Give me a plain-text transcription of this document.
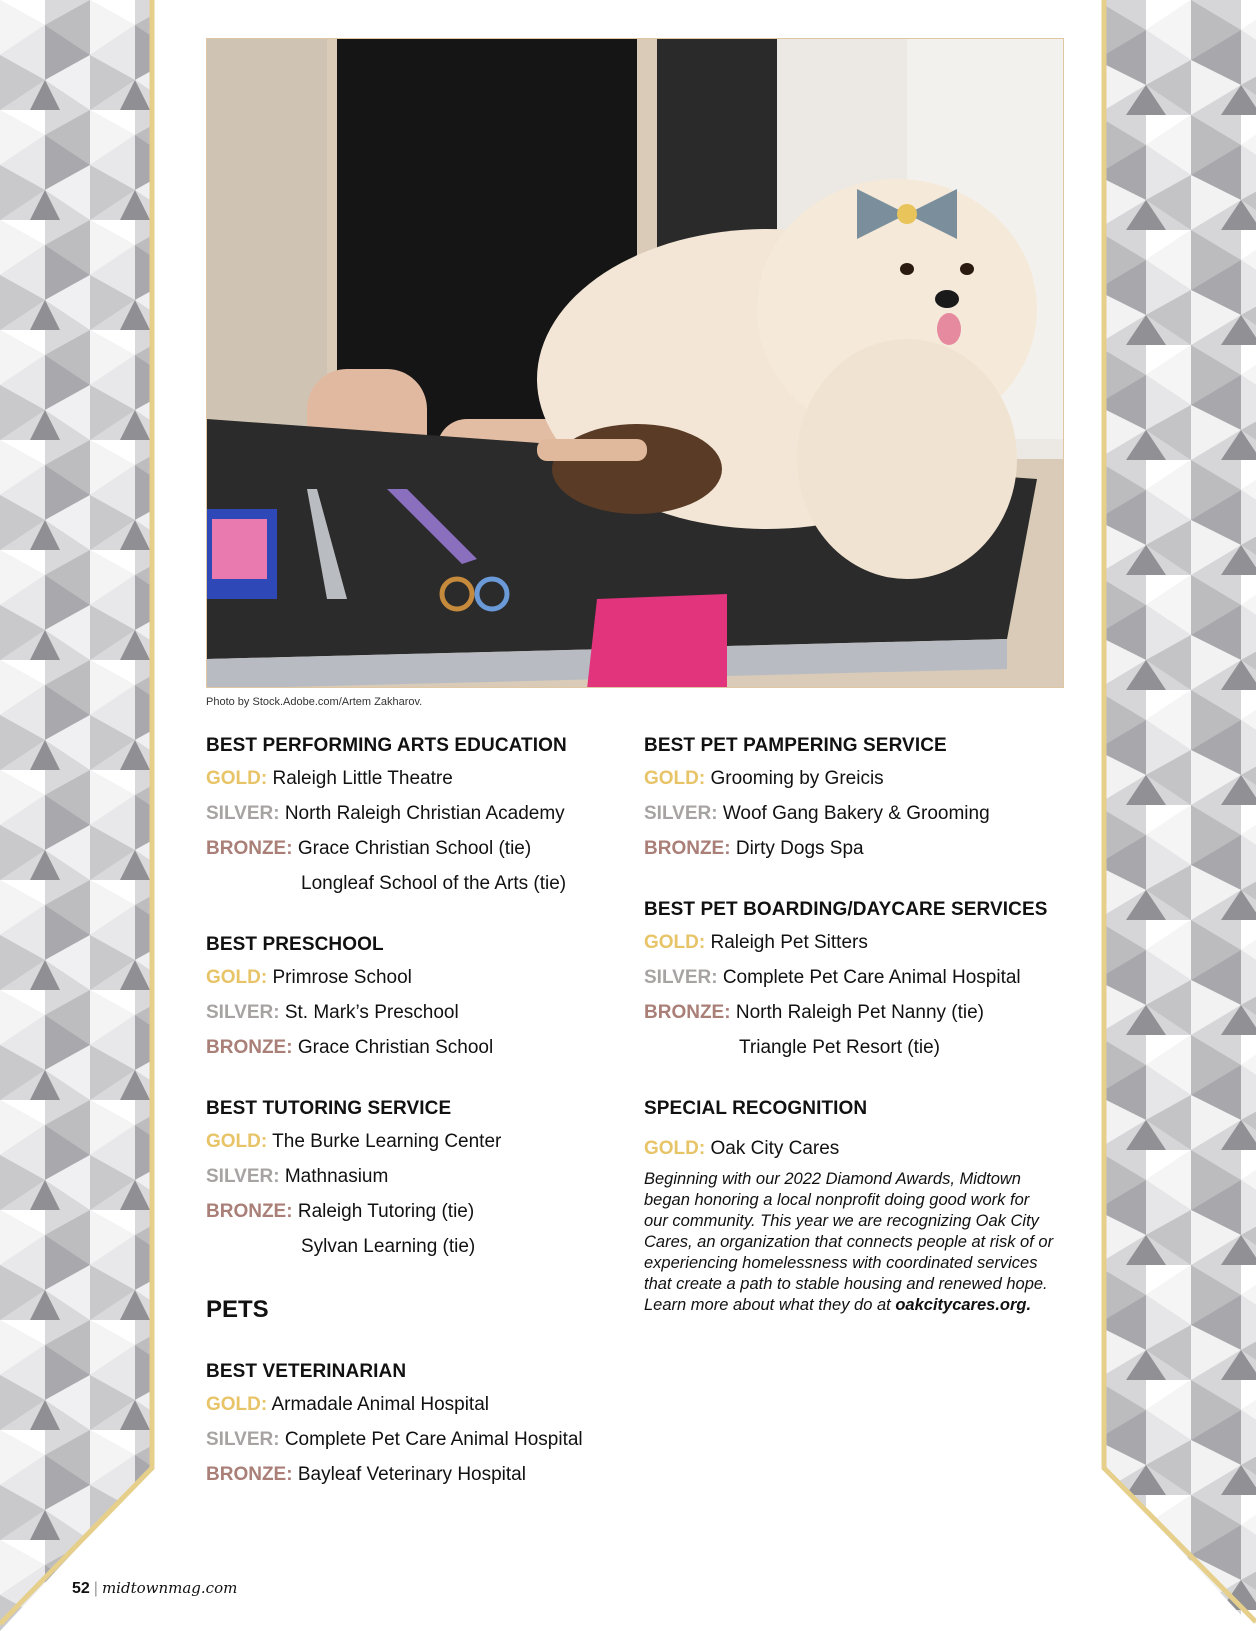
Photo by Stock.Adobe.com/Artem Zakharov.
BEST PERFORMING ARTS EDUCATION
GOLD: Raleigh Little Theatre
SILVER: North Raleigh Christian Academy
BRONZE: Grace Christian School (tie)
Longleaf School of the Arts (tie)
BEST PRESCHOOL
GOLD: Primrose School
SILVER: St. Mark’s Preschool
BRONZE: Grace Christian School
BEST TUTORING SERVICE
GOLD: The Burke Learning Center
SILVER: Mathnasium
BRONZE: Raleigh Tutoring (tie)
Sylvan Learning (tie)
PETS
BEST VETERINARIAN
GOLD: Armadale Animal Hospital
SILVER: Complete Pet Care Animal Hospital
BRONZE: Bayleaf Veterinary Hospital
BEST PET PAMPERING SERVICE
GOLD: Grooming by Greicis
SILVER: Woof Gang Bakery & Grooming
BRONZE: Dirty Dogs Spa
BEST PET BOARDING/DAYCARE SERVICES
GOLD: Raleigh Pet Sitters
SILVER: Complete Pet Care Animal Hospital
BRONZE: North Raleigh Pet Nanny (tie)
Triangle Pet Resort (tie)
SPECIAL RECOGNITION
GOLD: Oak City Cares

Beginning with our 2022 Diamond Awards, Midtown began honoring a local nonprofit doing good work for our community. This year we are recognizing Oak City Cares, an organization that connects people at risk of or experiencing homelessness with coordinated services that create a path to stable housing and renewed hope. Learn more about what they do at oakcitycares.org.

52 | midtownmag.com
